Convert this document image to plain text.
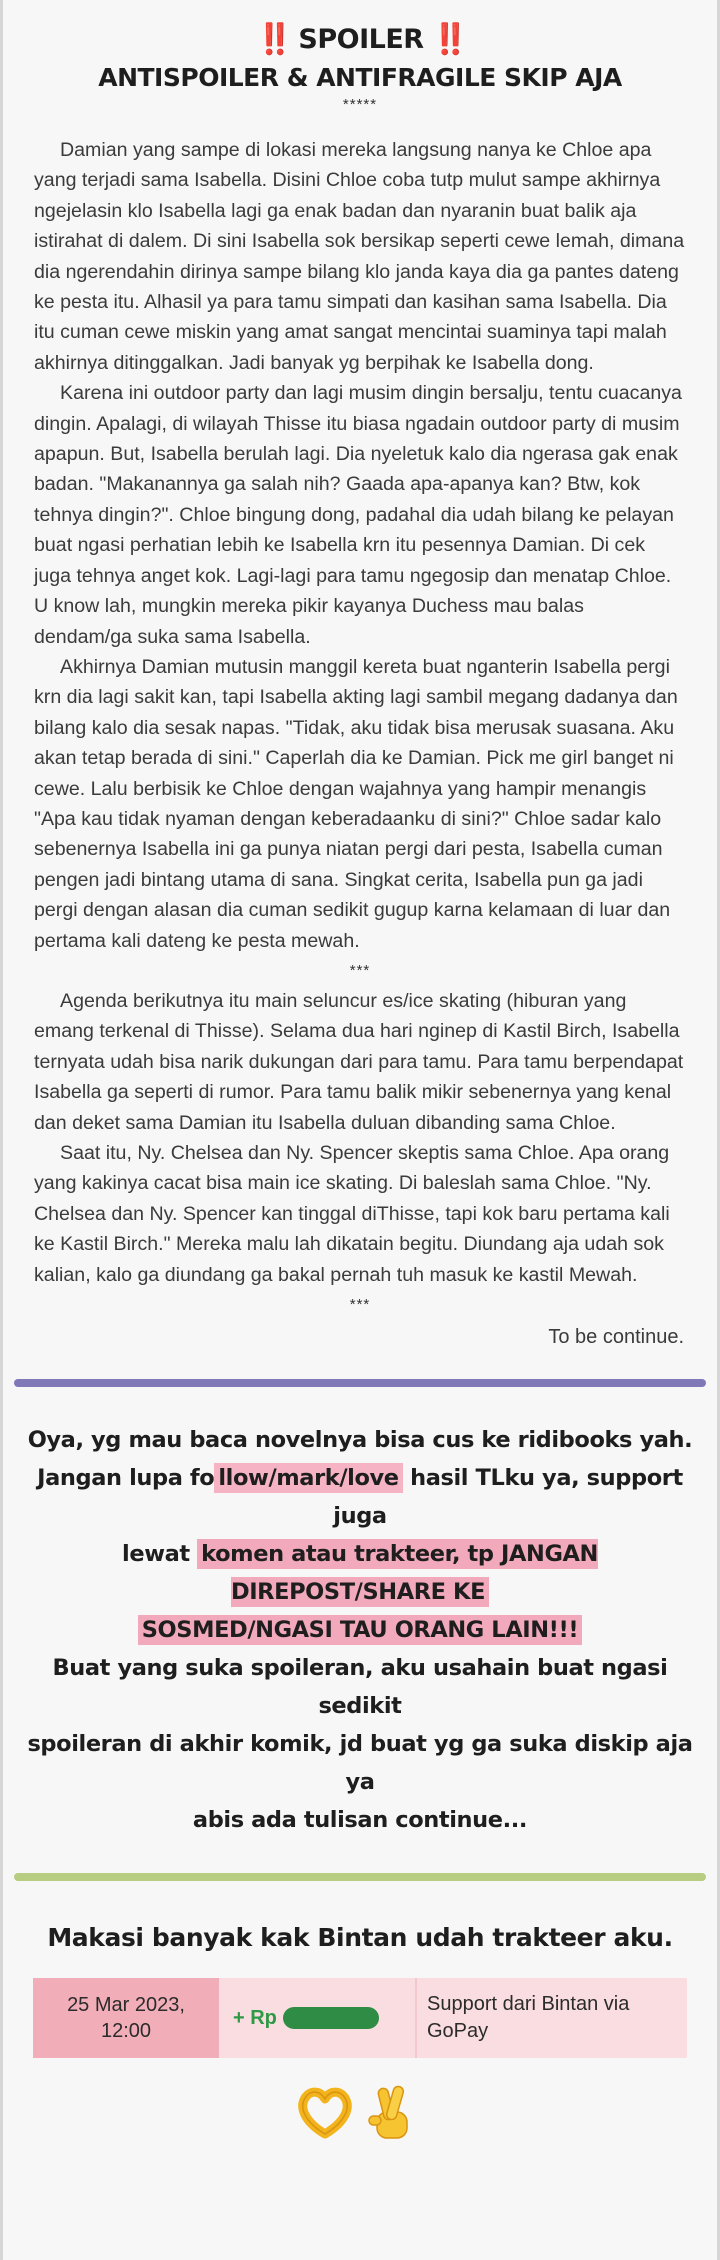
‼️ SPOILER ‼️
ANTISPOILER & ANTIFRAGILE SKIP AJA
*****

Damian yang sampe di lokasi mereka langsung nanya ke Chloe apa yang terjadi sama Isabella. Disini Chloe coba tutp mulut sampe akhirnya ngejelasin klo Isabella lagi ga enak badan dan nyaranin buat balik aja istirahat di dalem. Di sini Isabella sok bersikap seperti cewe lemah, dimana dia ngerendahin dirinya sampe bilang klo janda kaya dia ga pantes dateng ke pesta itu. Alhasil ya para tamu simpati dan kasihan sama Isabella. Dia itu cuman cewe miskin yang amat sangat mencintai suaminya tapi malah akhirnya ditinggalkan. Jadi banyak yg berpihak ke Isabella dong.

Karena ini outdoor party dan lagi musim dingin bersalju, tentu cuacanya dingin. Apalagi, di wilayah Thisse itu biasa ngadain outdoor party di musim apapun. But, Isabella berulah lagi. Dia nyeletuk kalo dia ngerasa gak enak badan. "Makanannya ga salah nih? Gaada apa-apanya kan? Btw, kok tehnya dingin?". Chloe bingung dong, padahal dia udah bilang ke pelayan buat ngasi perhatian lebih ke Isabella krn itu pesennya Damian. Di cek juga tehnya anget kok. Lagi-lagi para tamu ngegosip dan menatap Chloe. U know lah, mungkin mereka pikir kayanya Duchess mau balas dendam/ga suka sama Isabella.

Akhirnya Damian mutusin manggil kereta buat nganterin Isabella pergi krn dia lagi sakit kan, tapi Isabella akting lagi sambil megang dadanya dan bilang kalo dia sesak napas. "Tidak, aku tidak bisa merusak suasana. Aku akan tetap berada di sini." Caperlah dia ke Damian. Pick me girl banget ni cewe. Lalu berbisik ke Chloe dengan wajahnya yang hampir menangis "Apa kau tidak nyaman dengan keberadaanku di sini?" Chloe sadar kalo sebenernya Isabella ini ga punya niatan pergi dari pesta, Isabella cuman pengen jadi bintang utama di sana. Singkat cerita, Isabella pun ga jadi pergi dengan alasan dia cuman sedikit gugup karna kelamaan di luar dan pertama kali dateng ke pesta mewah.

***

Agenda berikutnya itu main seluncur es/ice skating (hiburan yang emang terkenal di Thisse). Selama dua hari nginep di Kastil Birch, Isabella ternyata udah bisa narik dukungan dari para tamu. Para tamu berpendapat Isabella ga seperti di rumor. Para tamu balik mikir sebenernya yang kenal dan deket sama Damian itu Isabella duluan dibanding sama Chloe.

Saat itu, Ny. Chelsea dan Ny. Spencer skeptis sama Chloe. Apa orang yang kakinya cacat bisa main ice skating. Di baleslah sama Chloe. "Ny. Chelsea dan Ny. Spencer kan tinggal diThisse, tapi kok baru pertama kali ke Kastil Birch." Mereka malu lah dikatain begitu. Diundang aja udah sok kalian, kalo ga diundang ga bakal pernah tuh masuk ke kastil Mewah.

***
To be continue.
Oya, yg mau baca novelnya bisa cus ke ridibooks yah.
Jangan lupa fo llow/mark/love hasil TLku ya, support juga
lewat komen atau trakteer, tp JANGAN DIREPOST/SHARE KE
SOSMED/NGASI TAU ORANG LAIN!!!
Buat yang suka spoileran, aku usahain buat ngasi sedikit
spoileran di akhir komik, jd buat yg ga suka diskip aja ya
abis ada tulisan continue...
Makasi banyak kak Bintan udah trakteer aku.
25 Mar 2023,
12:00
+ Rp
Support dari Bintan via GoPay
